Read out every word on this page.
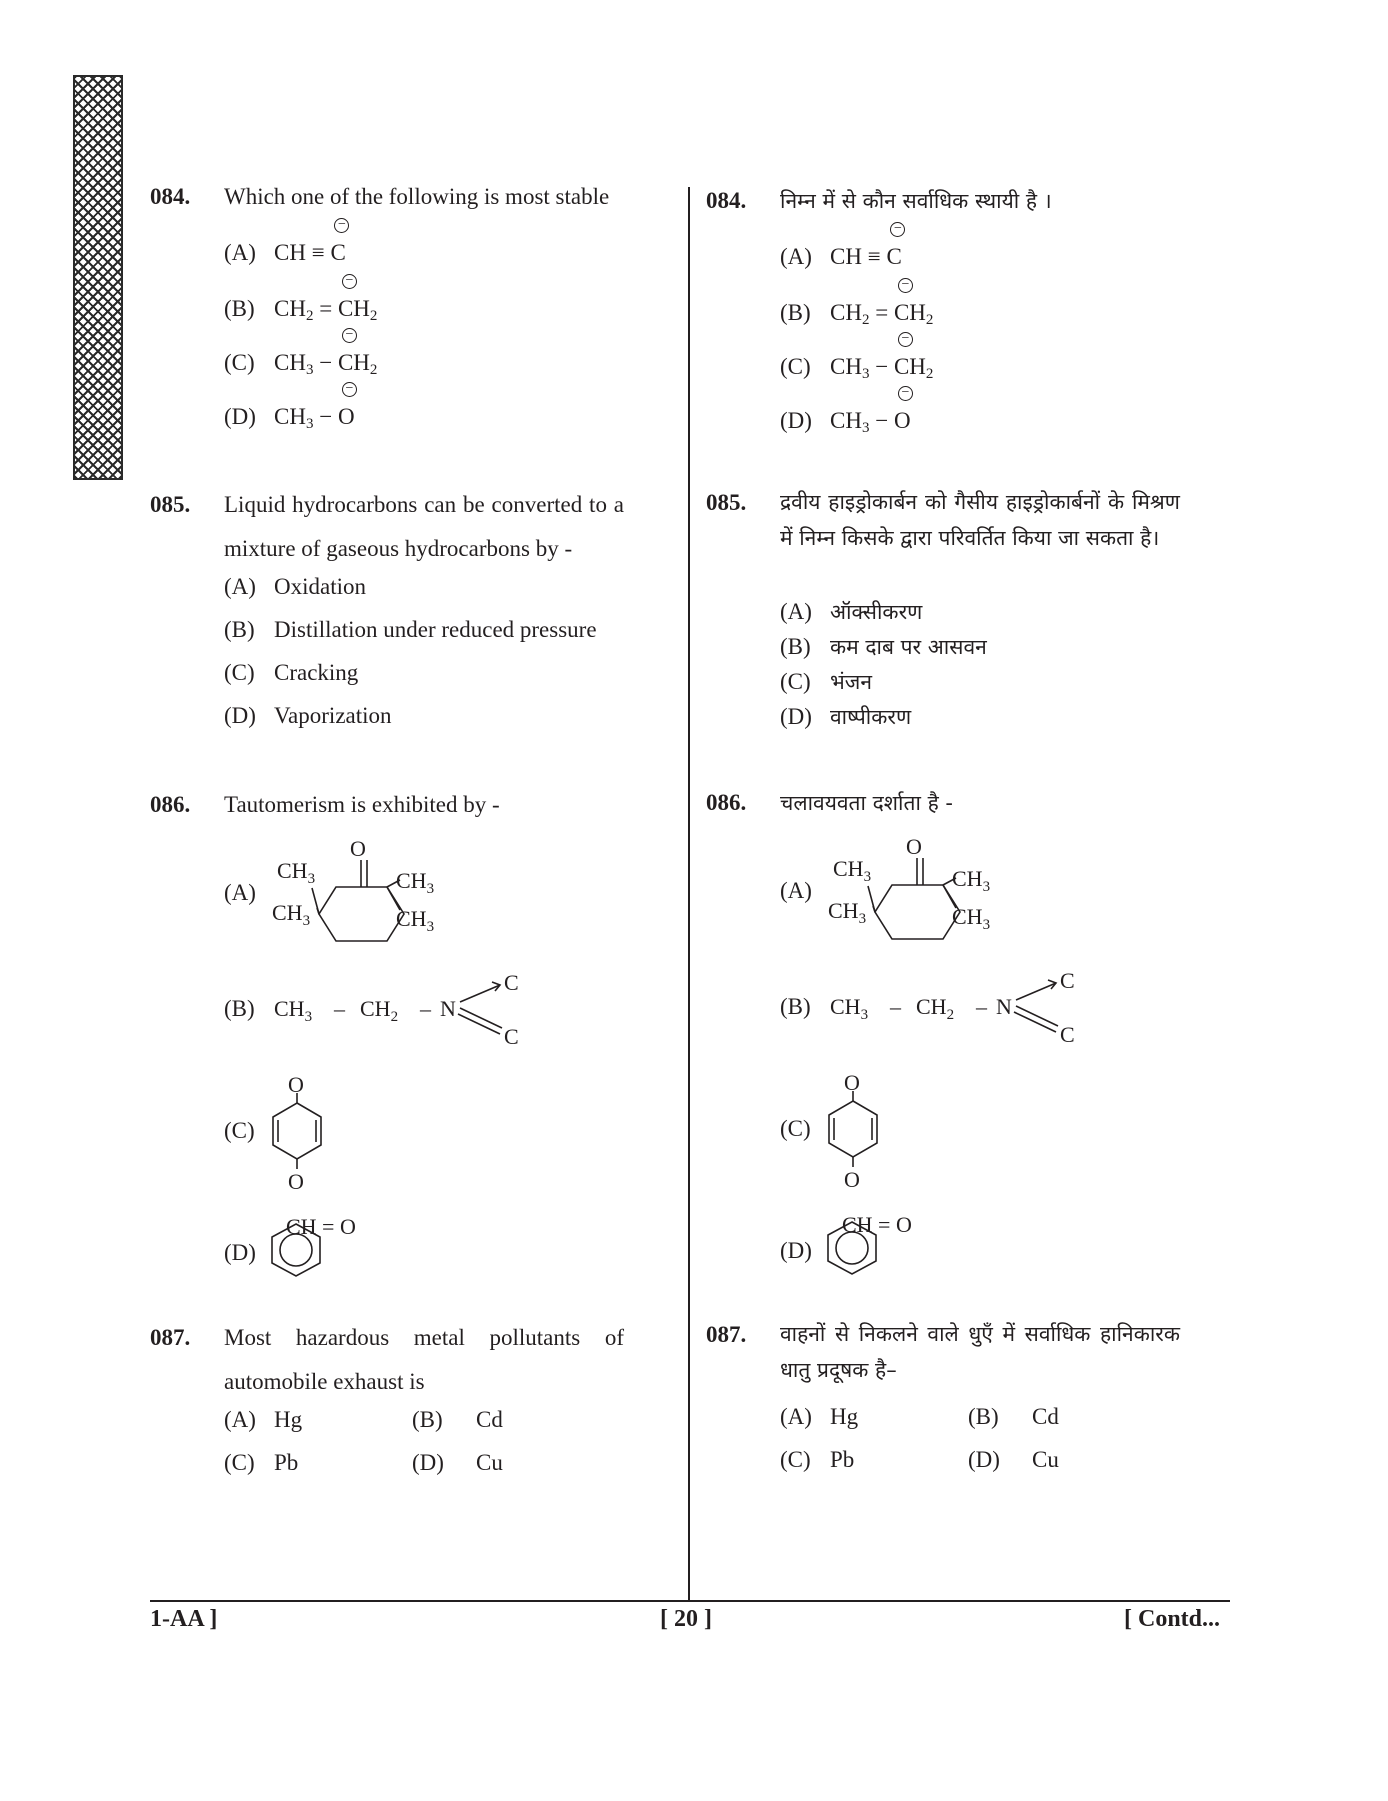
084. Which one of the following is most stable
(A) CH ≡
−
C
(B) $CH_2$ =
−
$CH_2$
(C) $CH_3$ −
−
$CH_2$
(D) $CH_3$ −
−
O
085. Liquid hydrocarbons can be converted to a mixture of gaseous hydrocarbons by -
(A) Oxidation
(B) Distillation under reduced pressure
(C) Cracking
(D) Vaporization
086. Tautomerism is exhibited by -
(A)
O
$CH_3$
$CH_3$
$CH_3$
$CH_3$
(B) $CH_3 - CH_2$ – N
C
C
(C)
O
O
(D)
CH = O
087. Most hazardous metal pollutants of automobile exhaust is
(A) Hg	(B) Cd
(C) Pb	(D) Cu
084. निम्न में से कौन सर्वाधिक स्थायी है ।
(A) CH ≡
−
C
(B) $CH_2$ =
−
$CH_2$
(C) $CH_3$ −
−
$CH_2$
(D) $CH_3$ −
−
O
085. द्रवीय हाइड्रोकार्बन को गैसीय हाइड्रोकार्बनों के मिश्रण में निम्न किसके द्वारा परिवर्तित किया जा सकता है।
(A) ऑक्सीकरण
(B) कम दाब पर आसवन
(C) भंजन
(D) वाष्पीकरण
086. चलावयवता दर्शाता है -
(A)
O
$CH_3$
$CH_3$
$CH_3$
$CH_3$
(B) $CH_3 - CH_2$ – N
C
C
(C)
O
O
(D)
CH = O
087. वाहनों से निकलने वाले धुएँ में सर्वाधिक हानिकारक धातु प्रदूषक है–
(A) Hg	(B) Cd
(C) Pb	(D) Cu
1-AA ]	[ 20 ]	[ Contd...
